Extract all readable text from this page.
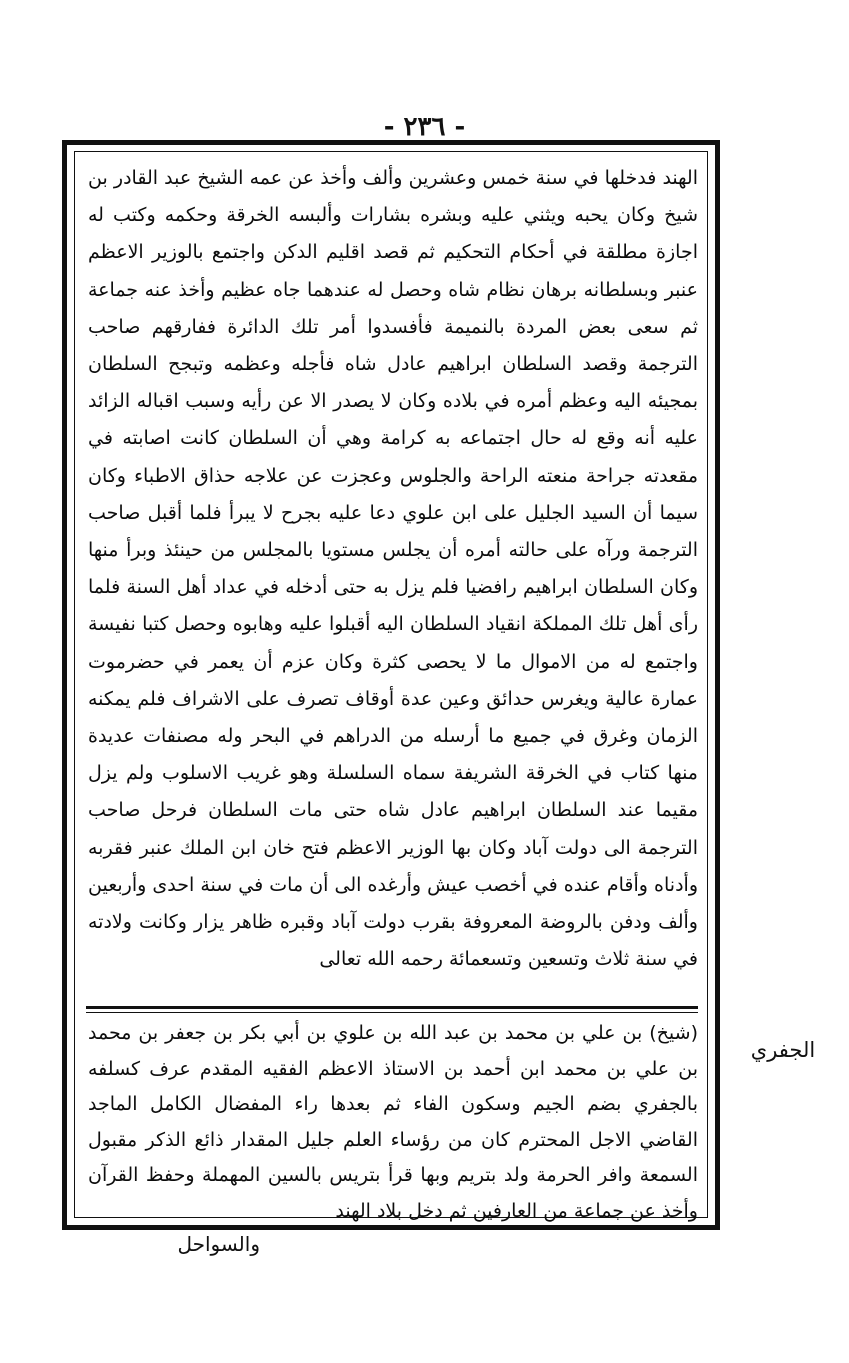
- ٢٣٦ -
الهند فدخلها في سنة خمس وعشرين وألف وأخذ عن عمه الشيخ عبد القادر بن شيخ وكان يحبه ويثني عليه وبشره بشارات وألبسه الخرقة وحكمه وكتب له اجازة مطلقة في أحكام التحكيم ثم قصد اقليم الدكن واجتمع بالوزير الاعظم عنبر وبسلطانه برهان نظام شاه وحصل له عندهما جاه عظيم وأخذ عنه جماعة ثم سعى بعض المردة بالنميمة فأفسدوا أمر تلك الدائرة ففارقهم صاحب الترجمة وقصد السلطان ابراهيم عادل شاه فأجله وعظمه وتبجح السلطان بمجيئه اليه وعظم أمره في بلاده وكان لا يصدر الا عن رأيه وسبب اقباله الزائد عليه أنه وقع له حال اجتماعه به كرامة وهي أن السلطان كانت اصابته في مقعدته جراحة منعته الراحة والجلوس وعجزت عن علاجه حذاق الاطباء وكان سيما أن السيد الجليل على ابن علوي دعا عليه بجرح لا يبرأ فلما أقبل صاحب الترجمة ورآه على حالته أمره أن يجلس مستويا بالمجلس من حينئذ وبرأ منها وكان السلطان ابراهيم رافضيا فلم يزل به حتى أدخله في عداد أهل السنة فلما رأى أهل تلك المملكة انقياد السلطان اليه أقبلوا عليه وهابوه وحصل كتبا نفيسة واجتمع له من الاموال ما لا يحصى كثرة وكان عزم أن يعمر في حضرموت عمارة عالية ويغرس حدائق وعين عدة أوقاف تصرف على الاشراف فلم يمكنه الزمان وغرق في جميع ما أرسله من الدراهم في البحر وله مصنفات عديدة منها كتاب في الخرقة الشريفة سماه السلسلة وهو غريب الاسلوب ولم يزل مقيما عند السلطان ابراهيم عادل شاه حتى مات السلطان فرحل صاحب الترجمة الى دولت آباد وكان بها الوزير الاعظم فتح خان ابن الملك عنبر فقربه وأدناه وأقام عنده في أخصب عيش وأرغده الى أن مات في سنة احدى وأربعين وألف ودفن بالروضة المعروفة بقرب دولت آباد وقبره ظاهر يزار وكانت ولادته في سنة ثلاث وتسعين وتسعمائة رحمه الله تعالى
(شيخ) بن علي بن محمد بن عبد الله بن علوي بن أبي بكر بن جعفر بن محمد بن علي بن محمد ابن أحمد بن الاستاذ الاعظم الفقيه المقدم عرف كسلفه بالجفري بضم الجيم وسكون الفاء ثم بعدها راء المفضال الكامل الماجد القاضي الاجل المحترم كان من رؤساء العلم جليل المقدار ذائع الذكر مقبول السمعة وافر الحرمة ولد بتريم وبها قرأ بتريس بالسين المهملة وحفظ القرآن وأخذ عن جماعة من العارفين ثم دخل بلاد الهند
الجفري
والسواحل
